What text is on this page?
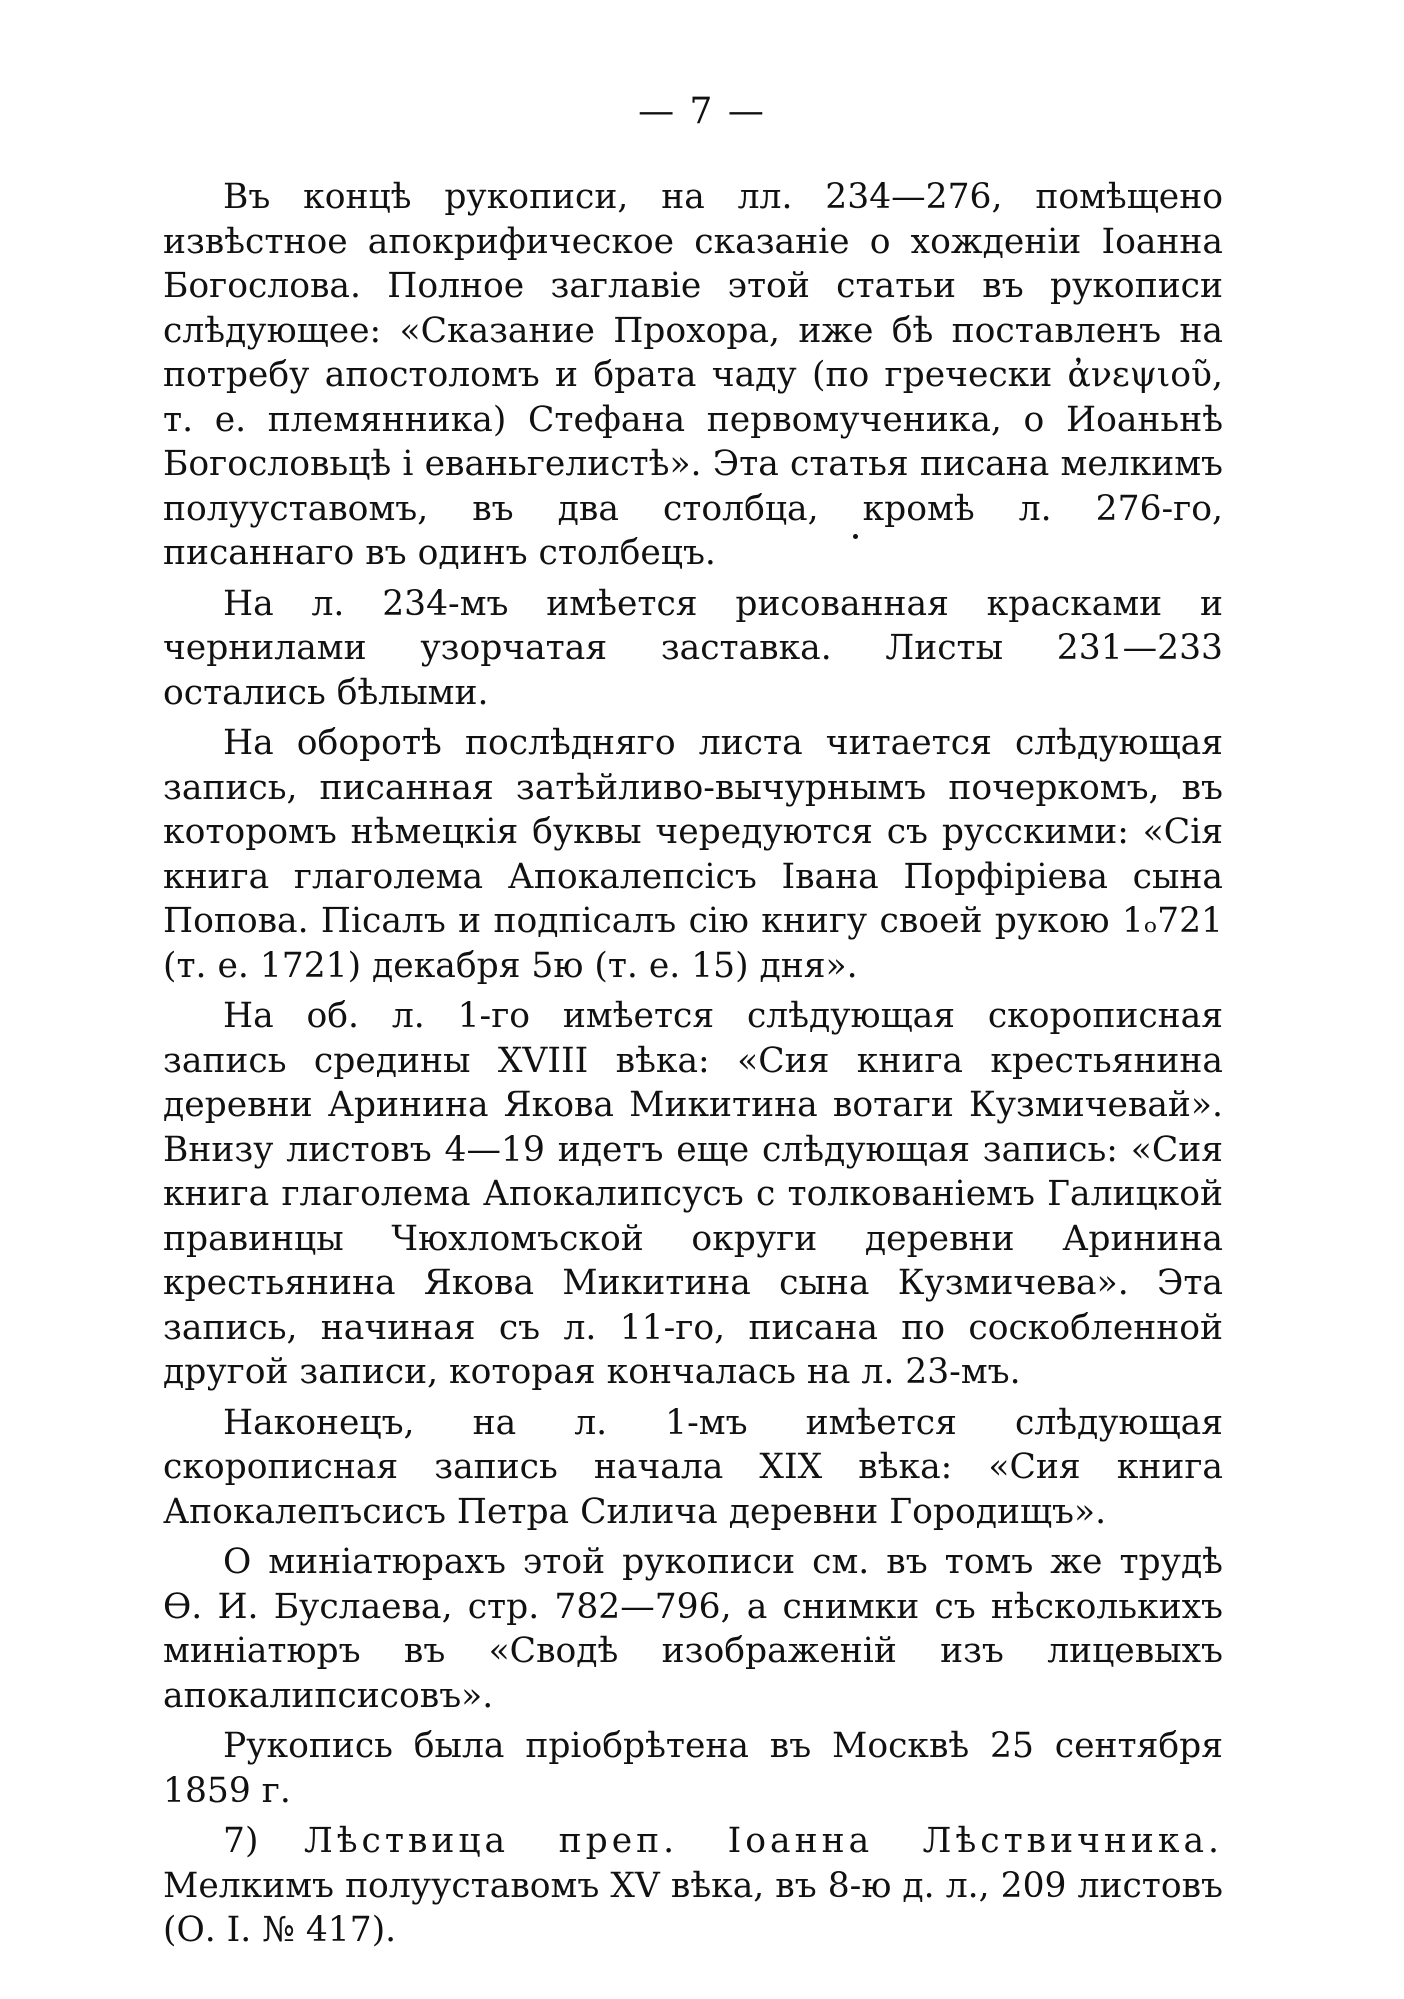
— 7 —

Въ концѣ рукописи, на лл. 234—276, помѣщено извѣстное апокрифическое сказаніе о хожденіи Іоанна Богослова. Полное заглавіе этой статьи въ рукописи слѣдующее: «Сказание Прохора, иже бѣ поставленъ на потребу апостоломъ и брата чаду (по гречески ἀνεψιοῦ, т. е. племянника) Стефана первомученика, о Иоаньнѣ Богословьцѣ і еваньгелистѣ». Эта статья писана мелкимъ полууставомъ, въ два столбца, кромѣ л. 276-го, писаннаго въ одинъ столбецъ.

На л. 234-мъ имѣется рисованная красками и чернилами узорчатая заставка. Листы 231—233 остались бѣлыми.

На оборотѣ послѣдняго листа читается слѣдующая запись, писанная затѣйливо-вычурнымъ почеркомъ, въ которомъ нѣмецкія буквы чередуются съ русскими: «Сія книга глаголема Апокалепсісъ Івана Порфіріева сына Попова. Пісалъ и подпісалъ сію книгу своей рукою 1ₒ721 (т. е. 1721) декабря 5ю (т. е. 15) дня».

На об. л. 1-го имѣется слѣдующая скорописная запись средины XVIII вѣка: «Сия книга крестьянина деревни Аринина Якова Микитина вотаги Кузмичевай». Внизу листовъ 4—19 идетъ еще слѣдующая запись: «Сия книга глаголема Апокалипсусъ с толкованіемъ Галицкой правинцы Чюхломъской округи деревни Аринина крестьянина Якова Микитина сына Кузмичева». Эта запись, начиная съ л. 11-го, писана по соскобленной другой записи, которая кончалась на л. 23-мъ.

Наконецъ, на л. 1-мъ имѣется слѣдующая скорописная запись начала XIX вѣка: «Сия книга Апокалепъсисъ Петра Силича деревни Городищъ».

О миніатюрахъ этой рукописи см. въ томъ же трудѣ Ѳ. И. Буслаева, стр. 782—796, а снимки съ нѣсколькихъ миніатюръ въ «Сводѣ изображеній изъ лицевыхъ апокалипсисовъ».

Рукопись была пріобрѣтена въ Москвѣ 25 сентября 1859 г.

7) Лѣствица преп. Іоанна Лѣствичника. Мелкимъ полууставомъ XV вѣка, въ 8-ю д. л., 209 листовъ (О. I. № 417).
